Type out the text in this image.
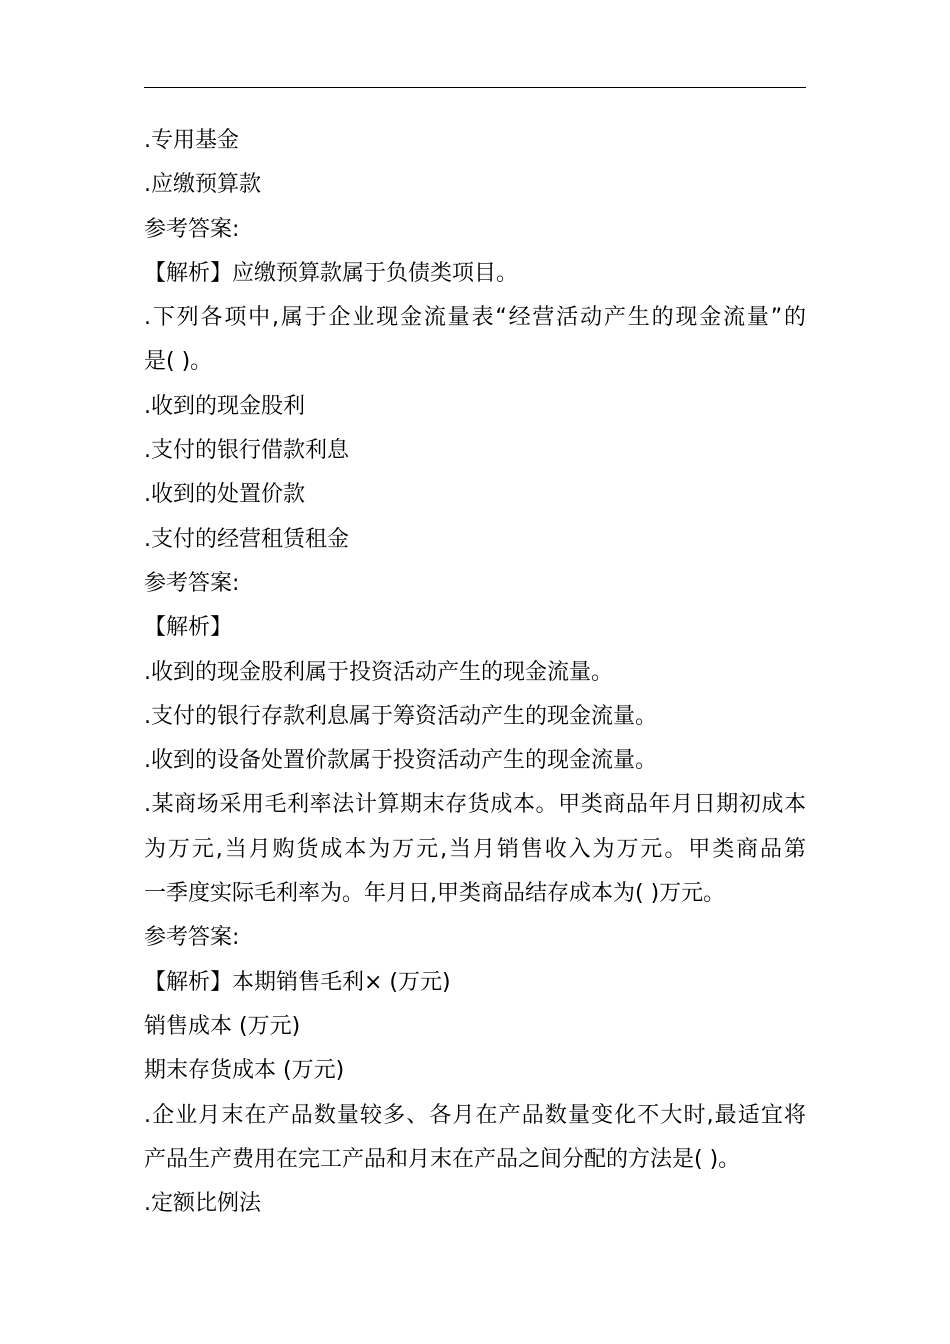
.专用基金
.应缴预算款
参考答案:
【解析】应缴预算款属于负债类项目。
.下列各项中,属于企业现金流量表“经营活动产生的现金流量”的
是( )。
.收到的现金股利
.支付的银行借款利息
.收到的处置价款
.支付的经营租赁租金
参考答案:
【解析】
.收到的现金股利属于投资活动产生的现金流量。
.支付的银行存款利息属于筹资活动产生的现金流量。
.收到的设备处置价款属于投资活动产生的现金流量。
.某商场采用毛利率法计算期末存货成本。甲类商品年月日期初成本
为万元,当月购货成本为万元,当月销售收入为万元。甲类商品第
一季度实际毛利率为。年月日,甲类商品结存成本为( )万元。
参考答案:
【解析】本期销售毛利× (万元)
销售成本 (万元)
期末存货成本 (万元)
.企业月末在产品数量较多、各月在产品数量变化不大时,最适宜将
产品生产费用在完工产品和月末在产品之间分配的方法是( )。
.定额比例法
